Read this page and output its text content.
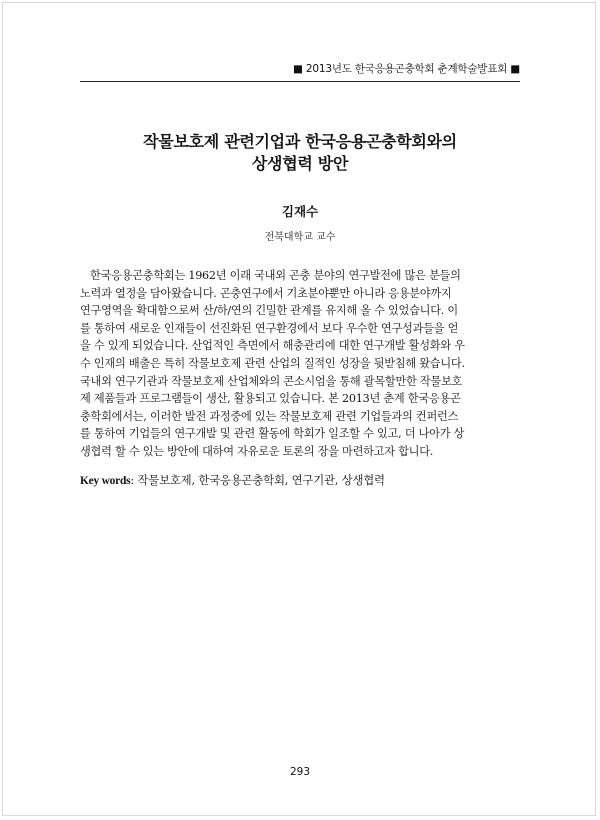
■ 2013년도 한국응용곤충학회 춘계학술발표회 ■
작물보호제 관련기업과 한국응용곤충학회와의
상생협력 방안
김재수
전북대학교 교수
한국응용곤충학회는 1962년 이래 국내외 곤충 분야의 연구발전에 많은 분들의
노력과 열정을 담아왔습니다. 곤충연구에서 기초분야뿐만 아니라 응용분야까지
연구영역을 확대함으로써 산/하/연의 긴밀한 관계를 유지해 올 수 있었습니다. 이
를 통하여 새로운 인재들이 선진화된 연구환경에서 보다 우수한 연구성과들을 얻
을 수 있게 되었습니다. 산업적인 측면에서 해충관리에 대한 연구개발 활성화와 우
수 인재의 배출은 특히 작물보호제 관련 산업의 질적인 성장을 뒷받침해 왔습니다.
국내외 연구기관과 작물보호제 산업체와의 콘소시엄을 통해 괄목할만한 작물보호
제 제품들과 프로그램들이 생산, 활용되고 있습니다. 본 2013년 춘계 한국응용곤
충학회에서는, 이러한 발전 과정중에 있는 작물보호제 관련 기업들과의 컨퍼런스
를 통하여 기업들의 연구개발 및 관련 활동에 학회가 일조할 수 있고, 더 나아가 상
생협력 할 수 있는 방안에 대하여 자유로운 토론의 장을 마련하고자 합니다.
Key words: 작물보호제, 한국응용곤충학회, 연구기관, 상생협력
293
